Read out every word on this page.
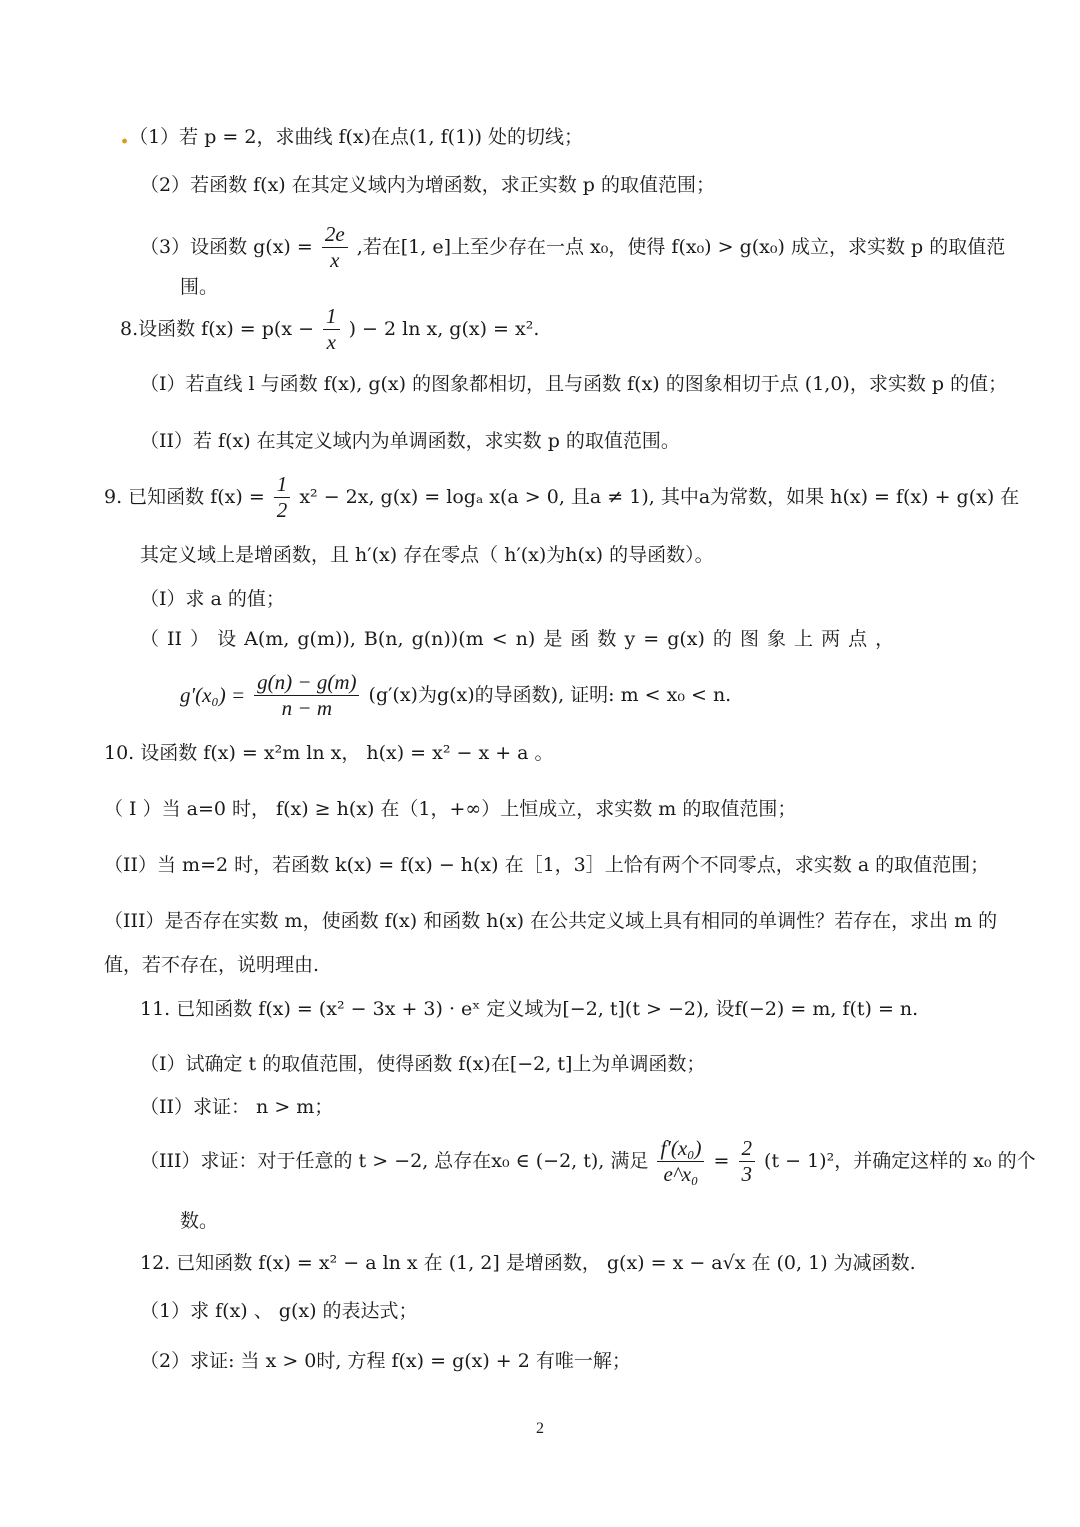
.（1）若 p = 2，求曲线 f(x)在点(1, f(1)) 处的切线；
（2）若函数 f(x) 在其定义域内为增函数，求正实数 p 的取值范围；
（3）设函数 $g(x) = \frac{2e}{x}$ ,若在[1, e]上至少存在一点 x₀，使得 f(x₀) > g(x₀) 成立，求实数 p 的取值范
围。
8.设函数 $f(x) = p(x - \frac{1}{x}$ ) − 2 ln x, g(x) = x².
（I）若直线 l 与函数 f(x), g(x) 的图象都相切，且与函数 f(x) 的图象相切于点 (1,0)，求实数 p 的值；
（II）若 f(x) 在其定义域内为单调函数，求实数 p 的取值范围。
9. 已知函数 $f(x) = \frac{1}{2} x^2 - 2x$, g(x) = logₐ x(a > 0, 且a ≠ 1), 其中a为常数，如果 h(x) = f(x) + g(x) 在
其定义域上是增函数，且 h′(x) 存在零点（ h′(x)为h(x) 的导函数）。
（I）求 a 的值；
（ II ） 设 A(m, g(m)), B(n, g(n))(m < n) 是 函 数 y = g(x) 的 图 象 上 两 点 ，
$g'(x_0) = \frac{g(n) - g(m)}{n - m} (g'(x)$为g(x)的导函数), 证明: m < x₀ < n.
10. 设函数 f(x) = x²m ln x， h(x) = x² − x + a 。
（ I ）当 a=0 时， f(x) ≥ h(x) 在（1，+∞）上恒成立，求实数 m 的取值范围；
（II）当 m=2 时，若函数 k(x) = f(x) − h(x) 在［1，3］上恰有两个不同零点，求实数 a 的取值范围；
（III）是否存在实数 m，使函数 f(x) 和函数 h(x) 在公共定义域上具有相同的单调性？若存在，求出 m 的
值，若不存在，说明理由.
11. 已知函数 f(x) = (x² − 3x + 3) · eˣ 定义域为[−2, t](t > −2), 设f(−2) = m, f(t) = n.
（I）试确定 t 的取值范围，使得函数 f(x)在[−2, t]上为单调函数；
（II）求证： n > m；
（III）求证：对于任意的 t > −2, 总存在x₀ ∈ (−2, t), 满足 $\frac{\text{f′(x₀)}}{\text{e\textasciicircum{}x₀}} = \frac{2}{3} (t - 1)^2$，并确定这样的 x₀ 的个
数。
12. 已知函数 f(x) = x² − a ln x 在 (1, 2] 是增函数， g(x) = x − a√x 在 (0, 1) 为减函数.
（1）求 f(x) 、 g(x) 的表达式；
（2）求证: 当 x > 0时, 方程 f(x) = g(x) + 2 有唯一解；
2
